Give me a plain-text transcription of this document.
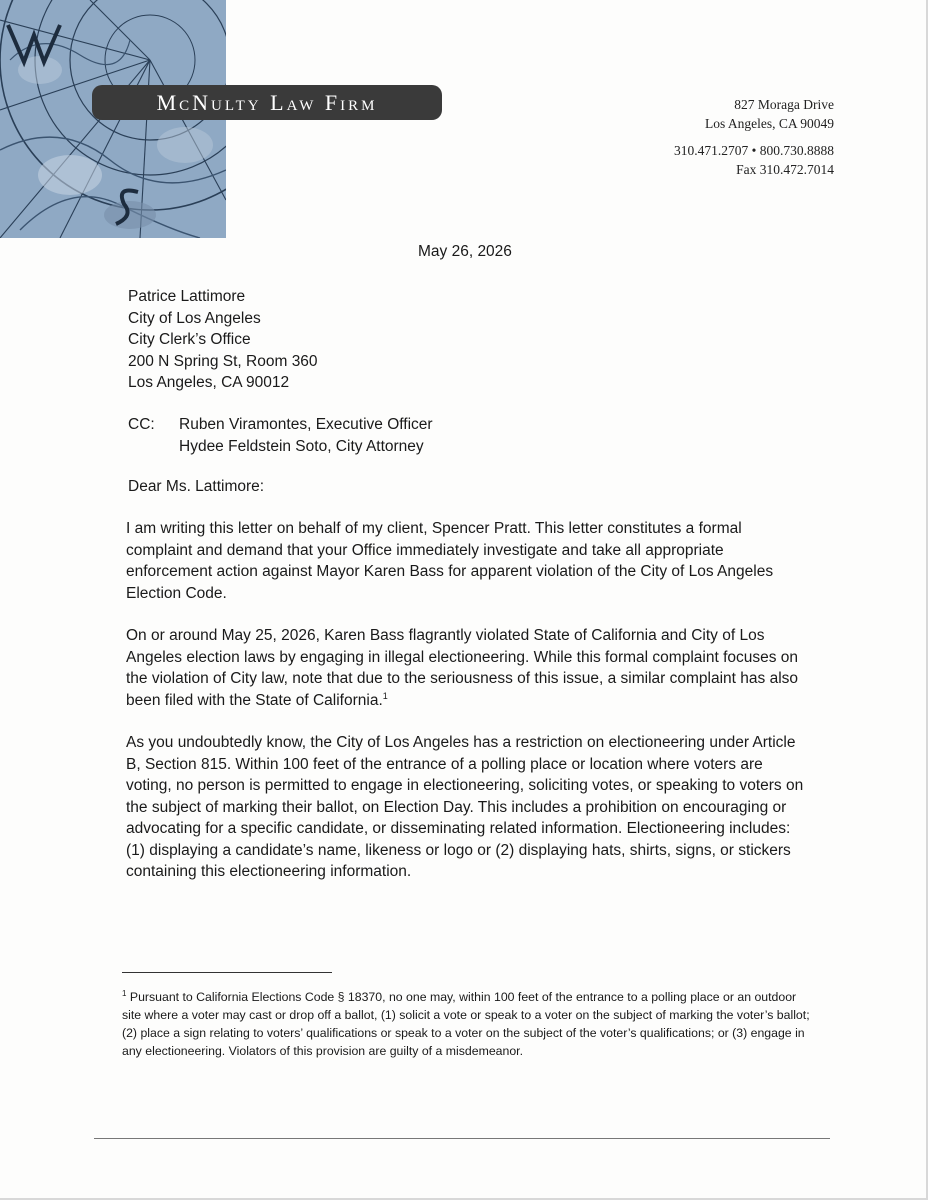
McNulty Law Firm	827 Moraga Drive
Los Angeles, CA 90049
310.471.2707 • 800.730.8888
Fax 310.472.7014
May 26, 2026
Patrice Lattimore
City of Los Angeles
City Clerk’s Office
200 N Spring St, Room 360
Los Angeles, CA 90012
CC:	Ruben Viramontes, Executive Officer
Hydee Feldstein Soto, City Attorney
Dear Ms. Lattimore:

I am writing this letter on behalf of my client, Spencer Pratt. This letter constitutes a formal complaint and demand that your Office immediately investigate and take all appropriate enforcement action against Mayor Karen Bass for apparent violation of the City of Los Angeles Election Code.

On or around May 25, 2026, Karen Bass flagrantly violated State of California and City of Los Angeles election laws by engaging in illegal electioneering. While this formal complaint focuses on the violation of City law, note that due to the seriousness of this issue, a similar complaint has also been filed with the State of California.$^1$

As you undoubtedly know, the City of Los Angeles has a restriction on electioneering under Article B, Section 815. Within 100 feet of the entrance of a polling place or location where voters are voting, no person is permitted to engage in electioneering, soliciting votes, or speaking to voters on the subject of marking their ballot, on Election Day. This includes a prohibition on encouraging or advocating for a specific candidate, or disseminating related information. Electioneering includes: (1) displaying a candidate’s name, likeness or logo or (2) displaying hats, shirts, signs, or stickers containing this electioneering information.

$^1$ Pursuant to California Elections Code § 18370, no one may, within 100 feet of the entrance to a polling place or an outdoor site where a voter may cast or drop off a ballot, (1) solicit a vote or speak to a voter on the subject of marking the voter’s ballot; (2) place a sign relating to voters’ qualifications or speak to a voter on the subject of the voter’s qualifications; or (3) engage in any electioneering. Violators of this provision are guilty of a misdemeanor.
